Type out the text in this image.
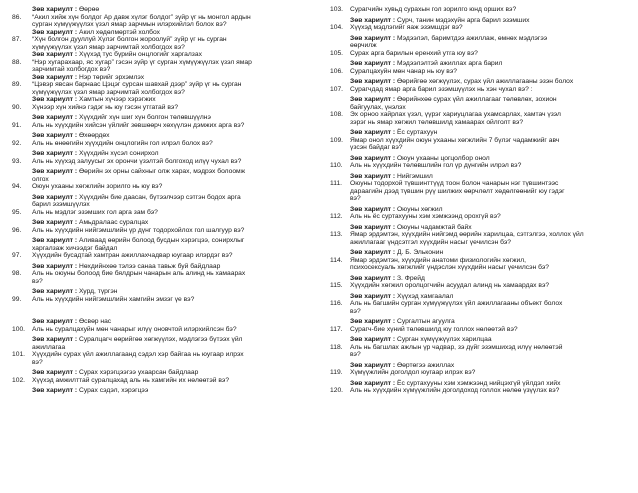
Зөв хариулт : Өөрөө
86. “Акил хийж хүн болдог Ар давж хүлэг болдог” зүйр үг нь монгол ардын
сурган хүмүүжүүлэх үзэл ямар зарчмын илэрхийлэл болох вэ?
Зөв хариулт : Акил хөдөлмөртэй холбох
87. “Хүн болгон дууллуй Хүлэг болгон жороолуй” зүйр үг нь сурган
хүмүүжүүлэх үзэл ямар зарчимтай холбогдох вэ?
Зөв хариулт : Хүүхэд тус бүрийн онцлогийг харгалзах
88. “Нэр хугарахаар, яс хугар” гэсэн зүйр үг сурган хүмүүжүүлэх үзэл ямар
зарчимтай холбогдох вэ?
Зөв хариулт : Нэр төрийг эрхэмлэх
89. “Цэвэр явсан барнаас Цэцэг сурсан шавхай дээр” зүйр үг нь сурган
хүмүүжүүлэх үзэл ямар зарчимтай холбогдох вэ?
Зөв хариулт : Хамтын хүчээр хэрэгжих
90. Хүнээр хүн хийнэ гэдэг нь юу гэсэн утгатай вэ?
Зөв хариулт : Хүүхдийг хүн шиг хүн болгон төлөвшүүлнэ
91. Аль нь хүүхдийн хийсэн үйлийг зөвшөөрч хөхүүлэн дэмжих арга вэ?
Зөв хариулт : Өхөөрдөх
92. Аль нь өнөөгийн хүүхдийн онцлогийн гол илрэл болох вэ?
Зөв хариулт : Хүүхдийн хүсэл сонирхол
93. Аль нь хүүхэд залуусыг эх орончи үзэлтэй болгоход илүү чухал вэ?
Зөв хариулт : Өөрийн эх орны сайхныг олж харах, мэдрэх болоомж
олгох
94. Оюун ухааны хөгжлийн зорилго нь юу вэ?
Зөв хариулт : Хүүхдийн бие даасан, бүтээлчээр сэтгэн бодох арга
барил эзэмшүүлэх
95. Аль нь мэдлэг эзэмших гол арга зам бэ?
Зөв хариулт : Амьдралаас суралцах
96. Аль нь хүүхдийн нийгэмшлийн үр дүнг тодорхойлох гол шалгуур вэ?
Зөв хариулт : Аливаад өөрийн болоод бусдын хэрэгцээ, сонирхлыг
харгалзаж хичээдэг байдал
97. Хүүхдийн бусадтай хамтран ажиллахчадвар юугаар илэрдэг вэ?
Зөв хариулт : Нөхдийнхөө тэлээ санаа тавьж буй байдлаар
98. Аль нь оюуны болоод бие бялдрын чанарын аль алинд нь хамаарах
вэ?
Зөв хариулт : Хурд, түргэн
99. Аль нь хүүхдийн нийгэмшлийн хамгийн эмзэг үе вэ?
Зөв хариулт : Өсвөр нас
100. Аль нь суралцахуйн мөн чанарыг илүү оновчтой илэрхийлсэн бэ?
Зөв хариулт : Суралцагч өөрийгөө хөгжүүлэх, мэдлэгээ бүтээх үйл
ажиллагаа
101. Хүүхдийн сурах үйл ажиллагаанд сэдэл хэр байгаа нь юугаар илрэх
вэ?
Зөв хариулт : Сурах хэрэгцээгээ ухаарсан байдлаар
102. Хүүхэд амжилттай суралцахад аль нь хамгийн их нөлөөтэй вэ?
Зөв хариулт : Сурах сэдэл, хэрэгцээ
103. Сурагчийн хувьд сурахын гол зорилго юнд оршиx вэ?
Зөв хариулт : Сурч, танин мэдэхүйн арга барил эзэмших
104. Хүүхэд мэдлэгийг яаж эзэмшдэг вэ?
Зөв хариулт : Мэдээлэл, баримтдээ ажиллаж, өмнөх мэдлэгээ
өөрчилж
105. Сурах арга барилын еренхий утга юу вэ?
Зөв хариулт : Мэдээлэлтэй ажиллах арга барил
106. Суралцахуйн мөн чанар нь юу вэ?
Зөв хариулт : Өөрийгөө хөгжүүлэх, сурах үйл ажиллагааны эзэн болох
107. Сурагчдад ямар арга барил эзэмшүүлэх нь хэн чухал вэ? :
Зөв хариулт : Өөрийнхөө сурах үйл ажиллагааг төлөвлөх, зохион
байгуулах, үнэлэх
108. Эх орноо хайрлах үзэл, үүрэг хариуцлагаа ухамсарлах, хамтач үзэл
зэрэг нь ямар хөгжил төлөвшилд хамаарах ойлголт вэ?
Зөв хариулт : Ёс суртахуун
109. Ямар онол хүүхдийн оюун ухааны хөгжлийн 7 бүлэг чадамжийг авч
үзсэн байдаг вэ?
Зөв хариулт : Оюун ухааны цогцолбор онол
110. Аль нь хүүхдийн төлөвшлийн гол үр дүнгийн илрэл вэ?
Зөв хариулт : Нийгэмшил
111. Оюуны тодорхой түвшинттүүд тоон болон чанарын нэг түвшинтээс
дараагийн дээд түвшин рүү шилжих өөрчлөлт хөдөлгөөнийг юу гэдэг
вэ?
Зөв хариулт : Оюуны хөгжил
112. Аль нь ёс суртахууны хэм хэмжээнд орохгүй вэ?
Зөв хариулт : Оюуны чадамжтай байх
113. Ямар эрдэмтэн, хүүхдийн нийгэмд өөрийн харилцаа, сэтгэлгээ, холлох үйл
ажиллагааг үндсэтгэл хүүхдийн насыг үечилсэн бэ?
Зөв хариулт : Д. Б. Эльконин
114. Ямар эрдэмтэн, хүүхдийн анатоми физиологийн хөгжил,
психосексуаль хөгжлийг үндэслэн хүүхдийн насыг үечилсэн бэ?
Зөв хариулт : З. Фрейд
115. Хүүхдийн хөгжил оролцогчийн асуудал алинд нь хамаардах вэ?
Зөв хариулт : Хүүхэд хамгаалал
116. Аль нь багшийн сурган хүмүүжүүлэх үйл ажиллагааны объект болох
вэ?
Зөв хариулт : Сургалтын агуулга
117. Сурагч-бие хүний төлөвшилд юу голлох нөлөөтэй вэ?
Зөв хариулт : Сурган хүмүүжүүлэх харилцаа
118. Аль нь багшлах ажлын үр чадвар, зэ дүйг эзэмшихэд илүү нөлөөтэй
вэ?
Зөв хариулт : Өөртөгээ ажиллах
119. Хүмүүжлийн доголдол юугаар илрэх вэ?
Зөв хариулт : Ёс суртахууны хэм хэмжээнд нийцэхгүй үйлдэл хийх
120. Аль нь хүүхдийн хүмүүжлийн доголдоход голлох нөлөө үзүүлэх вэ?
